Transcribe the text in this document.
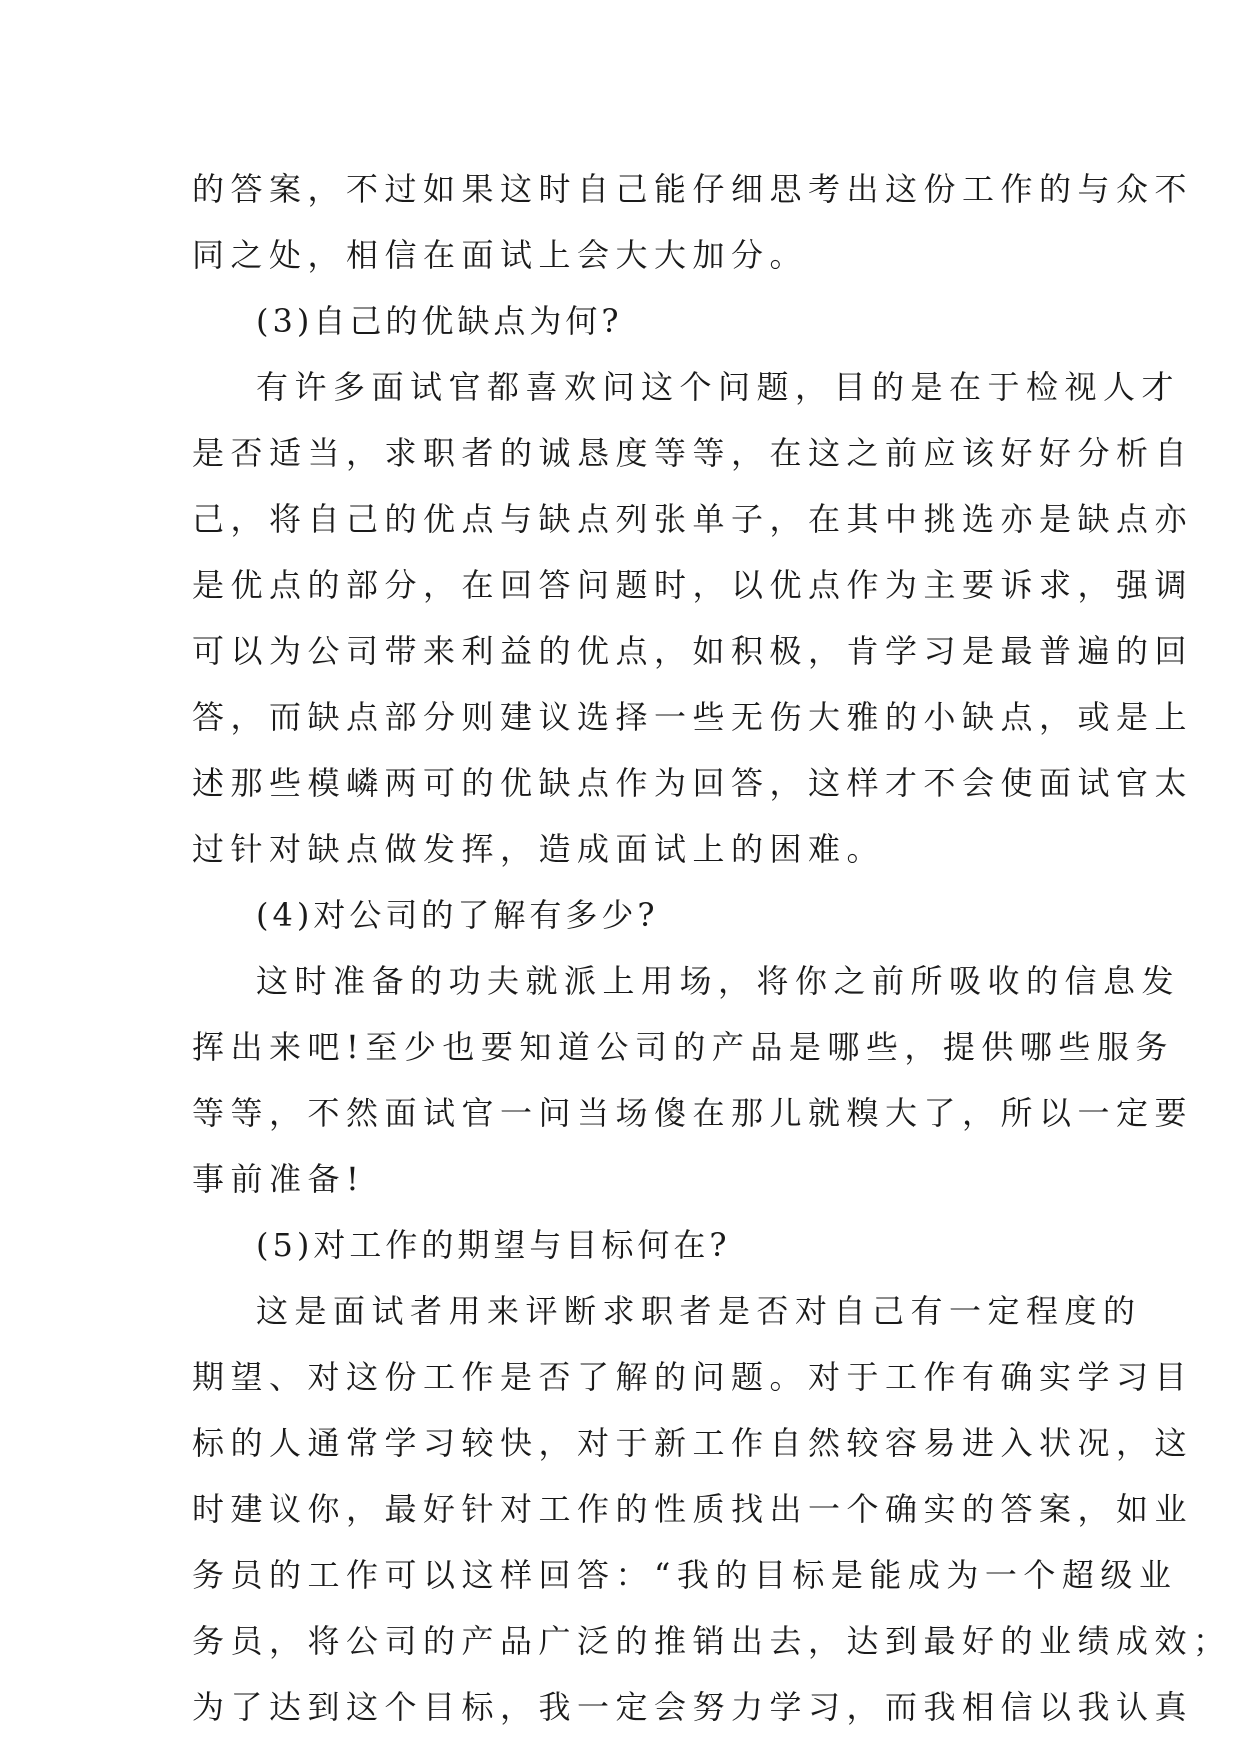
的答案，不过如果这时自己能仔细思考出这份工作的与众不
同之处，相信在面试上会大大加分。
(3)自己的优缺点为何?
有许多面试官都喜欢问这个问题，目的是在于检视人才
是否适当，求职者的诚恳度等等，在这之前应该好好分析自
己，将自己的优点与缺点列张单子，在其中挑选亦是缺点亦
是优点的部分，在回答问题时，以优点作为主要诉求，强调
可以为公司带来利益的优点，如积极，肯学习是最普遍的回
答，而缺点部分则建议选择一些无伤大雅的小缺点，或是上
述那些模嶙两可的优缺点作为回答，这样才不会使面试官太
过针对缺点做发挥，造成面试上的困难。
(4)对公司的了解有多少?
这时准备的功夫就派上用场，将你之前所吸收的信息发
挥出来吧!至少也要知道公司的产品是哪些，提供哪些服务
等等，不然面试官一问当场傻在那儿就糗大了，所以一定要
事前准备!
(5)对工作的期望与目标何在?
这是面试者用来评断求职者是否对自己有一定程度的
期望、对这份工作是否了解的问题。对于工作有确实学习目
标的人通常学习较快，对于新工作自然较容易进入状况，这
时建议你，最好针对工作的性质找出一个确实的答案，如业
务员的工作可以这样回答：“我的目标是能成为一个超级业
务员，将公司的产品广泛的推销出去，达到最好的业绩成效；
为了达到这个目标，我一定会努力学习，而我相信以我认真
